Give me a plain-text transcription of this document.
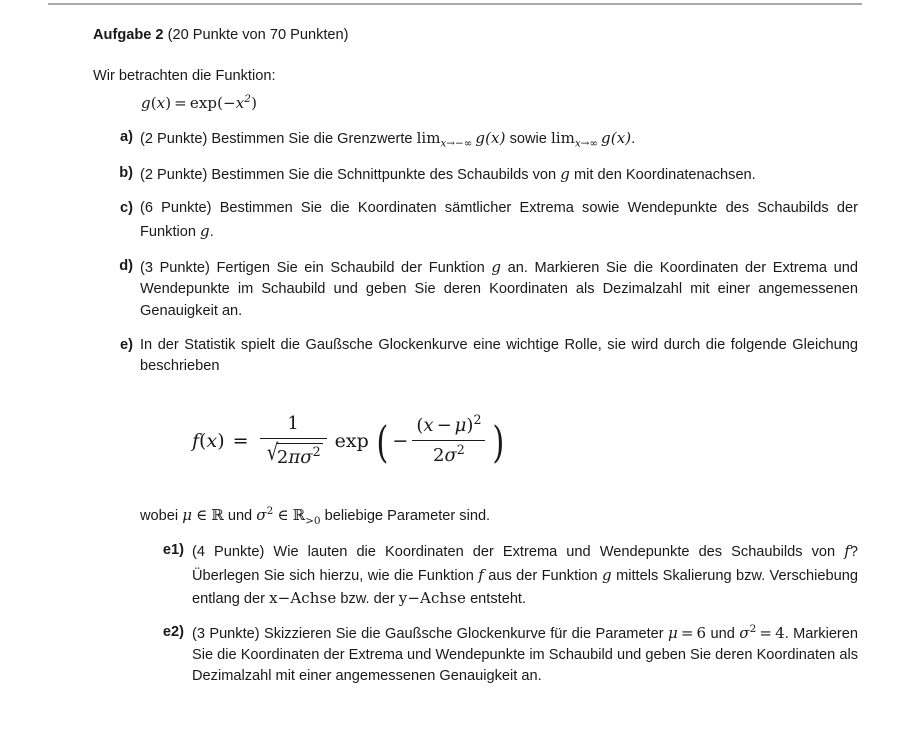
Aufgabe 2 (20 Punkte von 70 Punkten)

Wir betrachten die Funktion:

$g(x) = \exp(-x^2)$

a) (2 Punkte) Bestimmen Sie die Grenzwerte $\lim_{x\to-\infty} g(x)$ sowie $\lim_{x\to\infty} g(x)$.
b) (2 Punkte) Bestimmen Sie die Schnittpunkte des Schaubilds von g mit den Koordinatenachsen.
c) (6 Punkte) Bestimmen Sie die Koordinaten sämtlicher Extrema sowie Wendepunkte des Schaubilds der Funktion g.
d) (3 Punkte) Fertigen Sie ein Schaubild der Funktion g an. Markieren Sie die Koordinaten der Extrema und Wendepunkte im Schaubild und geben Sie deren Koordinaten als Dezimalzahl mit einer angemessenen Genauigkeit an.
e) In der Statistik spielt die Gaußsche Glockenkurve eine wichtige Rolle, sie wird durch die folgende Gleichung beschrieben
f ( x ) = $\frac{1}{√ 2\pi\sigma^2}$ exp ( − $\frac{(x - \mu)^2}{2\sigma^2}$ )

wobei μ ∈ ℝ und $\sigma^2$ ∈ ℝ$_{>0}$ beliebige Parameter sind.

e1) (4 Punkte) Wie lauten die Koordinaten der Extrema und Wendepunkte des Schaubilds von f? Überlegen Sie sich hierzu, wie die Funktion f aus der Funktion g mittels Skalierung bzw. Verschiebung entlang der x−Achse bzw. der y−Achse entsteht.
e2) (3 Punkte) Skizzieren Sie die Gaußsche Glockenkurve für die Parameter μ = 6 und $\sigma^2 = 4$. Markieren Sie die Koordinaten der Extrema und Wendepunkte im Schaubild und geben Sie deren Koordinaten als Dezimalzahl mit einer angemessenen Genauigkeit an.
